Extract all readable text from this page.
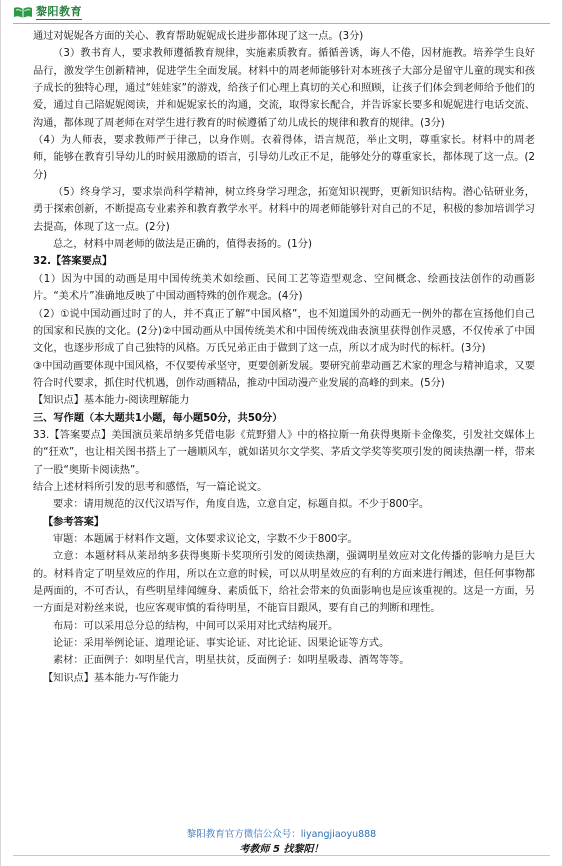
黎阳教育

通过对妮妮各方面的关心、教育帮助妮妮成长进步都体现了这一点。(3分)

（3）教书育人，要求教师遵循教育规律，实施素质教育。循循善诱，诲人不倦，因材施教。培养学生良好品行，激发学生创新精神，促进学生全面发展。材料中的周老师能够针对本班孩子大部分是留守儿童的现实和孩子成长的独特心理，通过“娃娃家”的游戏，给孩子们心理上真切的关心和照顾，让孩子们体会到老师给予他们的爱，通过自己陪妮妮阅读，并和妮妮家长的沟通，交流，取得家长配合，并告诉家长要多和妮妮进行电话交流、沟通，都体现了周老师在对学生进行教育的时候遵循了幼儿成长的规律和教育的规律。(3分)

（4）为人师表，要求教师严于律己，以身作则。衣着得体，语言规范，举止文明，尊重家长。材料中的周老师，能够在教育引导幼儿的时候用激励的语言，引导幼儿改正不足，能够处分的尊重家长，都体现了这一点。(2分)

（5）终身学习，要求崇尚科学精神，树立终身学习理念，拓宽知识视野，更新知识结构。潜心钻研业务，勇于探索创新，不断提高专业素养和教育教学水平。材料中的周老师能够针对自己的不足，积极的参加培训学习去提高，体现了这一点。(2分)

总之，材料中周老师的做法是正确的，值得表扬的。(1分)

32.【答案要点】

（1）因为中国的动画是用中国传统美术如绘画、民间工艺等造型观念、空间概念、绘画技法创作的动画影片。“美术片”准确地反映了中国动画特殊的创作观念。(4分)

（2）①说中国动画过时了的人，并不真正了解“中国风格”，也不知道国外的动画无一例外的都在宣扬他们自己的国家和民族的文化。(2分)②中国动画从中国传统美术和中国传统戏曲表演里获得创作灵感，不仅传承了中国文化，也逐步形成了自己独特的风格。万氏兄弟正由于做到了这一点，所以才成为时代的标杆。(3分)

③中国动画要体现中国风格，不仅要传承坚守，更要创新发展。要研究前辈动画艺术家的理念与精神追求，又要符合时代要求，抓住时代机遇，创作动画精品，推动中国动漫产业发展的高峰的到来。(5分)

【知识点】基本能力-阅读理解能力

三、写作题（本大题共1小题，每小题50分，共50分）

33.【答案要点】美国演员莱昂纳多凭借电影《荒野猎人》中的格拉斯一角获得奥斯卡金像奖，引发社交媒体上的“狂欢”，也让相关图书搭上了一趟顺风车，就如诺贝尔文学奖、茅盾文学奖等奖项引发的阅读热潮一样，带来了一股“奥斯卡阅读热”。

结合上述材料所引发的思考和感悟，写一篇论说文。

要求：请用规范的汉代汉语写作，角度自选，立意自定，标题自拟。不少于800字。

【参考答案】

审题：本题属于材料作文题，文体要求议论文，字数不少于800字。

立意：本题材料从莱昂纳多获得奥斯卡奖项所引发的阅读热潮，强调明星效应对文化传播的影响力是巨大的。材料肯定了明星效应的作用，所以在立意的时候，可以从明星效应的有利的方面来进行阐述，但任何事物都是两面的，不可否认，有些明星绯闻缠身、素质低下，给社会带来的负面影响也是应该重视的。这是一方面，另一方面是对粉丝来说，也应客观审慎的看待明星，不能盲目跟风，要有自己的判断和理性。

布局：可以采用总分总的结构，中间可以采用对比式结构展开。

论证：采用举例论证、道理论证、事实论证、对比论证、因果论证等方式。

素材：正面例子：如明星代言，明星扶贫，反面例子：如明星吸毒、酒驾等等。

【知识点】基本能力-写作能力

黎阳教育官方微信公众号：liyangjiaoyu888
考教师 5 找黎阳！
